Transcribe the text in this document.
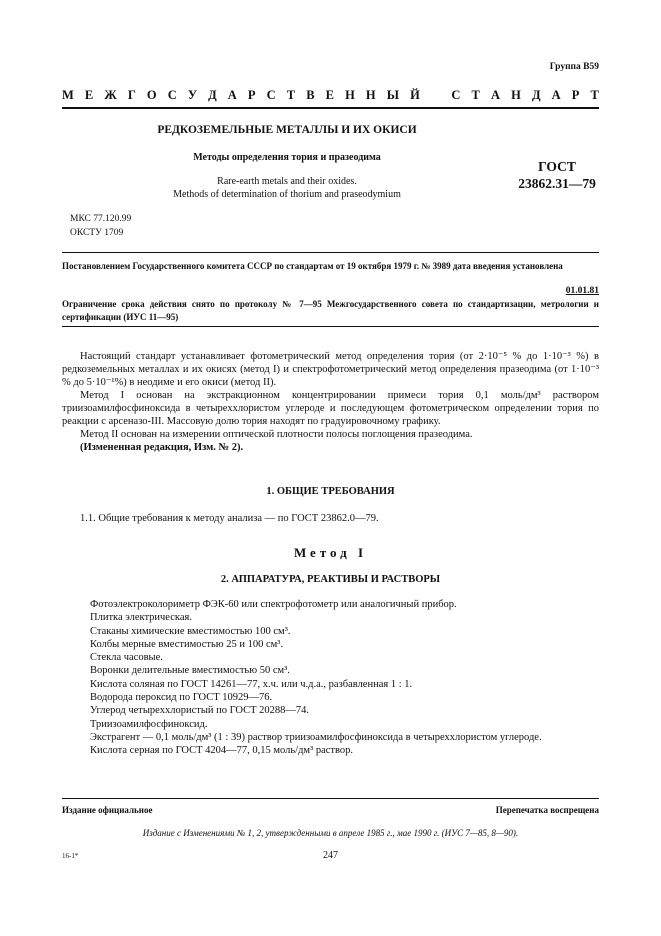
Группа В59
М Е Ж Г О С У Д А Р С Т В Е Н Н Ы Й
	С Т А Н Д А Р Т
РЕДКОЗЕМЕЛЬНЫЕ МЕТАЛЛЫ И ИХ ОКИСИ
Методы определения тория и празеодима
Rare-earth metals and their oxides.
Methods of determination of thorium and praseodymium
ГОСТ
23862.31—79
МКС 77.120.99
ОКСТУ 1709
Постановлением Государственного комитета СССР по стандартам от 19 октября 1979 г. № 3989 дата введения установлена
01.01.81
Ограничение срока действия снято по протоколу № 7—95 Межгосударственного совета по стандартизации, метрологии и сертификации (ИУС 11—95)

Настоящий стандарт устанавливает фотометрический метод определения тория (от 2·10⁻⁵ % до 1·10⁻³ %) в редкоземельных металлах и их окисях (метод I) и спектрофотометрический метод определения празеодима (от 1·10⁻³ % до 5·10⁻¹%) в неодиме и его окиси (метод II).

Метод I основан на экстракционном концентрировании примеси тория 0,1 моль/дм³ раствором триизоамилфосфиноксида в четыреххлористом углероде и последующем фотометрическом определении тория по реакции с арсеназо-III. Массовую долю тория находят по градуировочному графику.

Метод II основан на измерении оптической плотности полосы поглощения празеодима.

(Измененная редакция, Изм. № 2).

1. ОБЩИЕ ТРЕБОВАНИЯ

1.1. Общие требования к методу анализа — по ГОСТ 23862.0—79.

Метод I
2. АППАРАТУРА, РЕАКТИВЫ И РАСТВОРЫ
Фотоэлектроколориметр ФЭК-60 или спектрофотометр или аналогичный прибор.
Плитка электрическая.
Стаканы химические вместимостью 100 см³.
Колбы мерные вместимостью 25 и 100 см³.
Стекла часовые.
Воронки делительные вместимостью 50 см³.
Кислота соляная по ГОСТ 14261—77, х.ч. или ч.д.а., разбавленная 1 : 1.
Водорода пероксид по ГОСТ 10929—76.
Углерод четыреххлористый по ГОСТ 20288—74.
Триизоамилфосфиноксид.
Экстрагент — 0,1 моль/дм³ (1 : 39) раствор триизоамилфосфиноксида в четыреххлористом углероде.
Кислота серная по ГОСТ 4204—77, 0,15 моль/дм³ раствор.
Издание официальное	Перепечатка воспрещена
Издание с Изменениями № 1, 2, утвержденными в апреле 1985 г., мае 1990 г. (ИУС 7—85, 8—90).
16-1*	247
